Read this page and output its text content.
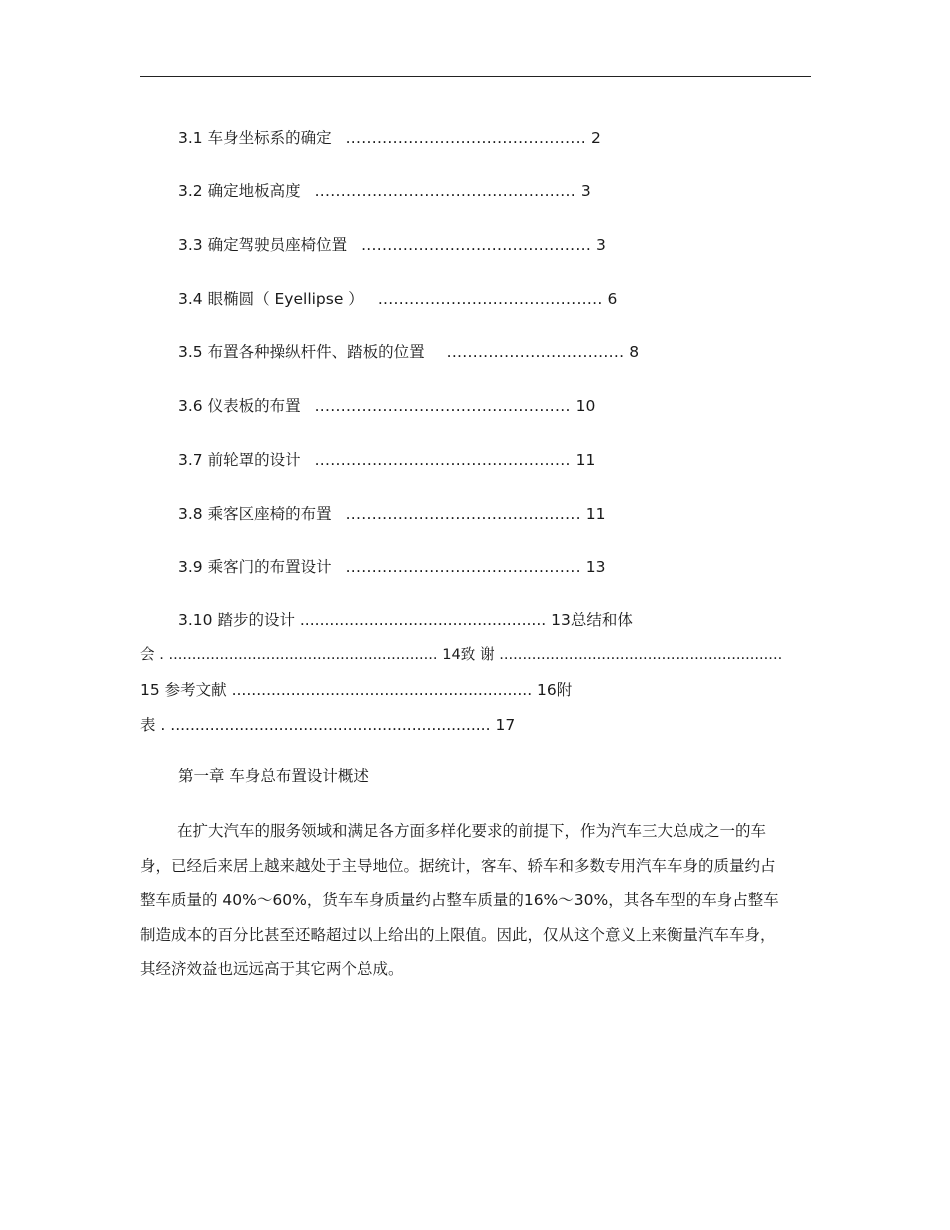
3.1 车身坐标系的确定 .............................................. 2
3.2 确定地板高度 .................................................. 3
3.3 确定驾驶员座椅位置 ............................................ 3
3.4 眼椭圆（ Eyellipse ） ........................................... 6
3.5 布置各种操纵杆件、踏板的位置 .................................. 8
3.6 仪表板的布置 ................................................. 10
3.7 前轮罩的设计 ................................................. 11
3.8 乘客区座椅的布置 ............................................. 11
3.9 乘客门的布置设计 ............................................. 13
3.10 踏步的设计 .................................................. 13总结和体
会 . .......................................................... 14致 谢 .............................................................
15 参考文献 ............................................................. 16附
表 . ................................................................. 17
第一章 车身总布置设计概述
在扩大汽车的服务领域和满足各方面多样化要求的前提下，作为汽车三大总成之一的车身，已经后来居上越来越处于主导地位。据统计，客车、轿车和多数专用汽车车身的质量约占整车质量的 40%～60%，货车车身质量约占整车质量的16%～30%，其各车型的车身占整车制造成本的百分比甚至还略超过以上给出的上限值。因此，仅从这个意义上来衡量汽车车身，其经济效益也远远高于其它两个总成。
